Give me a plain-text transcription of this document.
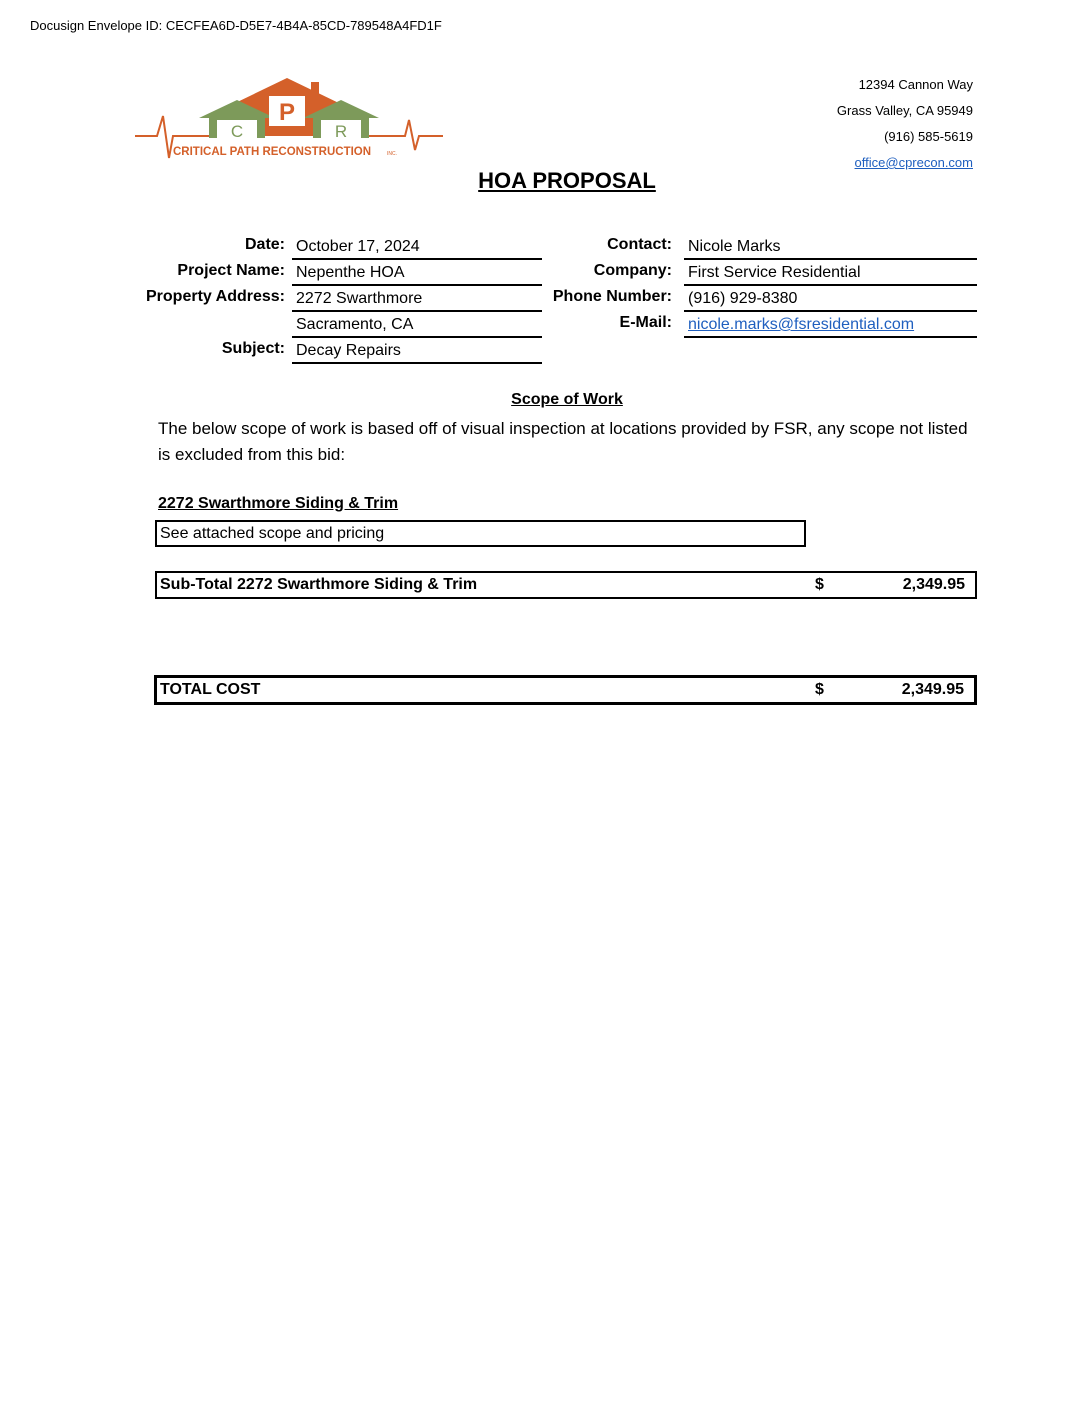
Docusign Envelope ID: CECFEA6D-D5E7-4B4A-85CD-789548A4FD1F
P
C	R
CRITICAL PATH RECONSTRUCTION	INC.
12394 Cannon Way
Grass Valley, CA 95949
(916) 585-5619
office@cprecon.com
HOA PROPOSAL
Date: October 17, 2024
Project Name: Nepenthe HOA
Property Address: 2272 Swarthmore
Sacramento, CA
Subject: Decay Repairs
Contact: Nicole Marks
Company: First Service Residential
Phone Number: (916) 929-8380
E-Mail: nicole.marks@fsresidential.com
Scope of Work
The below scope of work is based off of visual inspection at locations provided by FSR, any scope not listed is excluded from this bid:
2272 Swarthmore Siding & Trim
See attached scope and pricing
Sub-Total 2272 Swarthmore Siding & Trim	$	2,349.95
TOTAL COST	$	2,349.95
